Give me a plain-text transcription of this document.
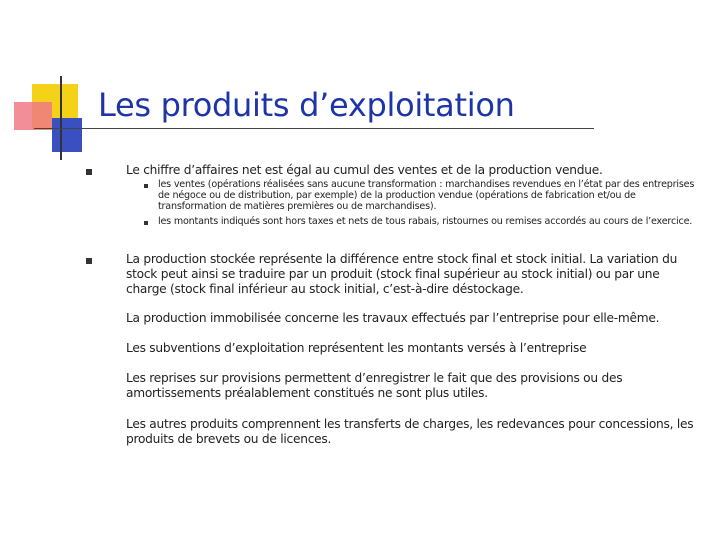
Les produits d’exploitation
Le chiffre d’affaires net est égal au cumul des ventes et de la production vendue.
les ventes (opérations réalisées sans aucune transformation : marchandises revendues en l’état par des entreprises de négoce ou de distribution, par exemple) de la production vendue (opérations de fabrication et/ou de transformation de matières premières ou de marchandises).
les montants indiqués sont hors taxes et nets de tous rabais, ristournes ou remises accordés au cours de l’exercice.
La production stockée représente la différence entre stock final et stock initial. La variation du stock peut ainsi se traduire par un produit (stock final supérieur au stock initial) ou par une charge (stock final inférieur au stock initial, c’est-à-dire déstockage.
La production immobilisée concerne les travaux effectués par l’entreprise pour elle-même.
Les subventions d’exploitation représentent les montants versés à l’entreprise
Les reprises sur provisions permettent d’enregistrer le fait que des provisions ou des amortissements préalablement constitués ne sont plus utiles.
Les autres produits comprennent les transferts de charges, les redevances pour concessions, les produits de brevets ou de licences.
